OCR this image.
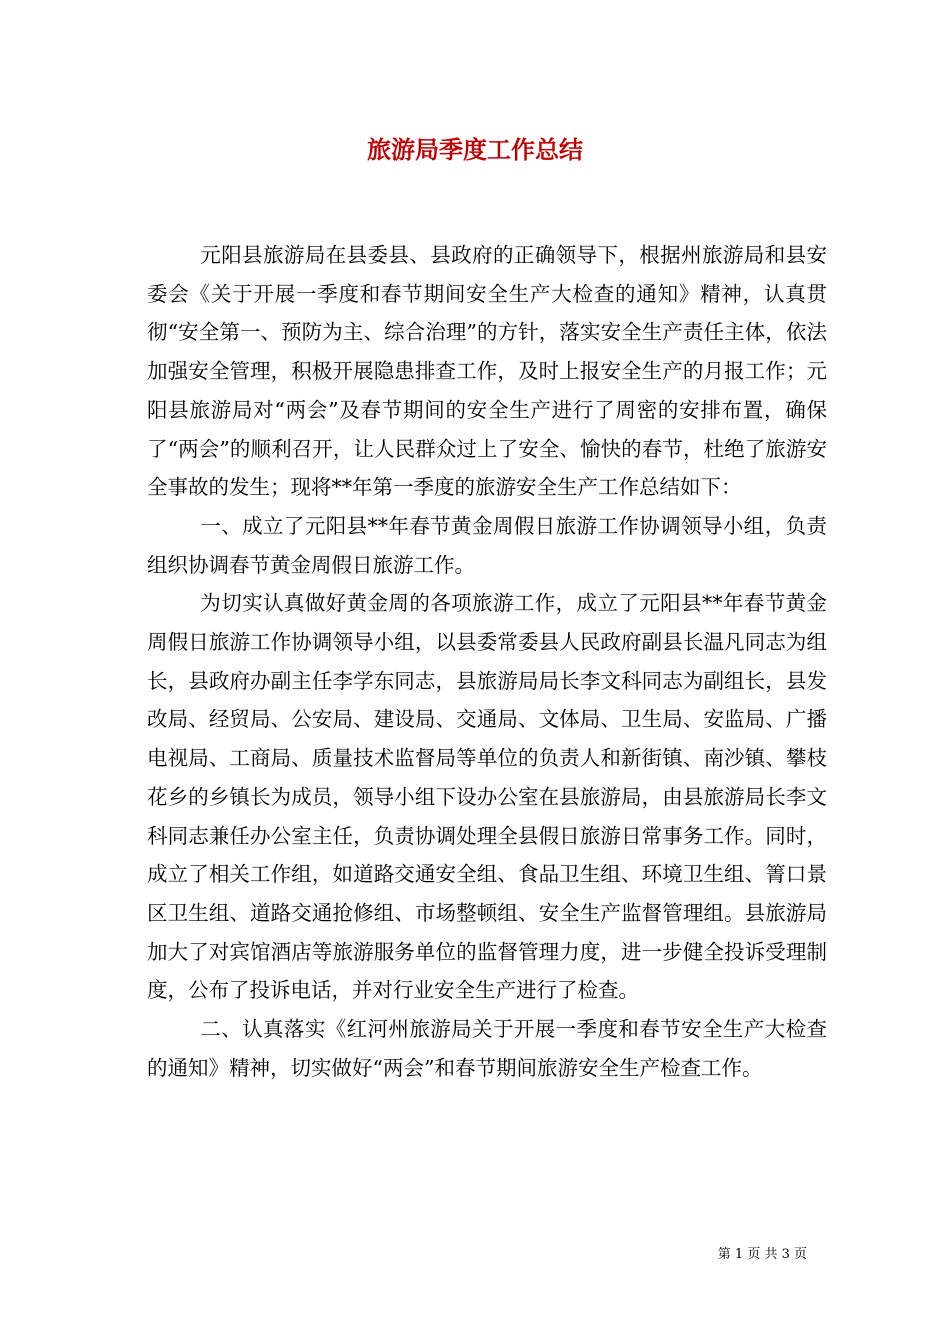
旅游局季度工作总结

元阳县旅游局在县委县、县政府的正确领导下，根据州旅游局和县安委会《关于开展一季度和春节期间安全生产大检查的通知》精神，认真贯彻“安全第一、预防为主、综合治理”的方针，落实安全生产责任主体，依法加强安全管理，积极开展隐患排查工作，及时上报安全生产的月报工作；元阳县旅游局对“两会”及春节期间的安全生产进行了周密的安排布置，确保了“两会”的顺利召开，让人民群众过上了安全、愉快的春节，杜绝了旅游安全事故的发生；现将**年第一季度的旅游安全生产工作总结如下：

一、成立了元阳县**年春节黄金周假日旅游工作协调领导小组，负责组织协调春节黄金周假日旅游工作。

为切实认真做好黄金周的各项旅游工作，成立了元阳县**年春节黄金周假日旅游工作协调领导小组，以县委常委县人民政府副县长温凡同志为组长，县政府办副主任李学东同志，县旅游局局长李文科同志为副组长，县发改局、经贸局、公安局、建设局、交通局、文体局、卫生局、安监局、广播电视局、工商局、质量技术监督局等单位的负责人和新街镇、南沙镇、攀枝花乡的乡镇长为成员，领导小组下设办公室在县旅游局，由县旅游局长李文科同志兼任办公室主任，负责协调处理全县假日旅游日常事务工作。同时，成立了相关工作组，如道路交通安全组、食品卫生组、环境卫生组、箐口景区卫生组、道路交通抢修组、市场整顿组、安全生产监督管理组。县旅游局加大了对宾馆酒店等旅游服务单位的监督管理力度，进一步健全投诉受理制度，公布了投诉电话，并对行业安全生产进行了检查。

二、认真落实《红河州旅游局关于开展一季度和春节安全生产大检查的通知》精神，切实做好“两会”和春节期间旅游安全生产检查工作。

第 1 页 共 3 页
